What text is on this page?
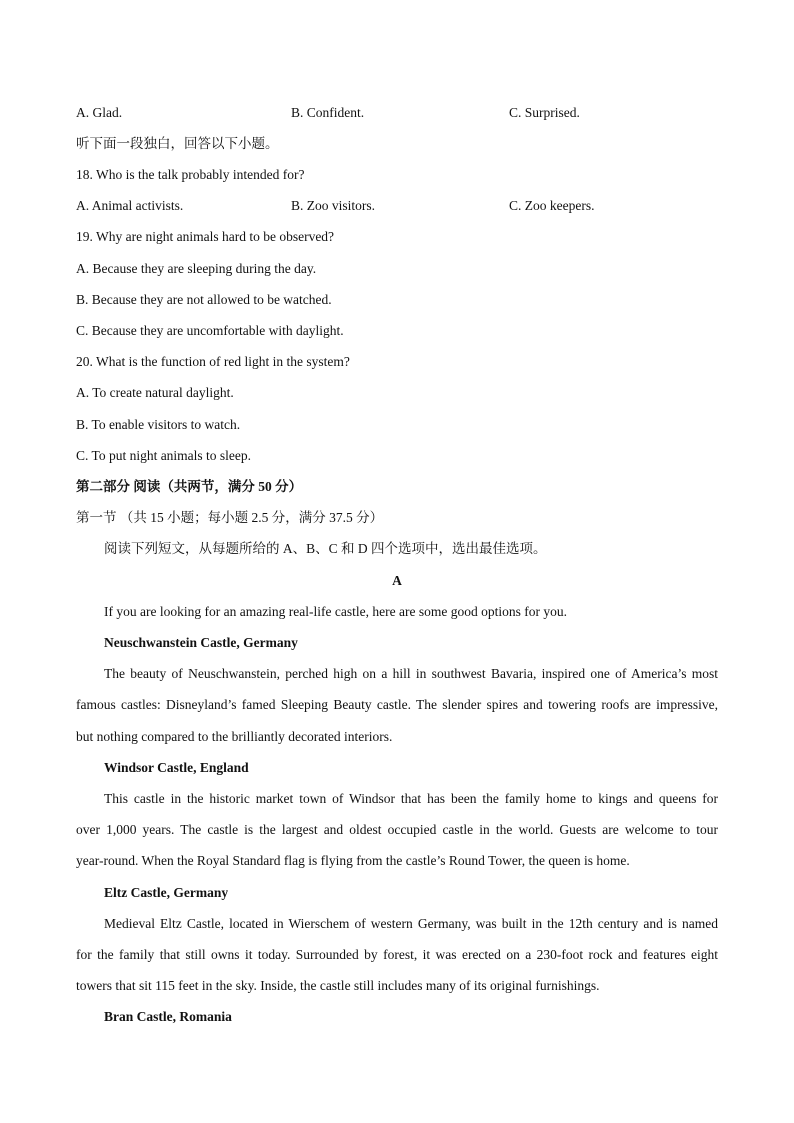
A. Glad.	B. Confident.	C. Surprised.
听下面一段独白，回答以下小题。
18. Who is the talk probably intended for?
A. Animal activists.	B. Zoo visitors.	C. Zoo keepers.
19. Why are night animals hard to be observed?
A. Because they are sleeping during the day.
B. Because they are not allowed to be watched.
C. Because they are uncomfortable with daylight.
20. What is the function of red light in the system?
A. To create natural daylight.
B. To enable visitors to watch.
C. To put night animals to sleep.
第二部分 阅读（共两节，满分 50 分）
第一节 （共 15 小题；每小题 2.5 分，满分 37.5 分）
阅读下列短文，从每题所给的 A、B、C 和 D 四个选项中，选出最佳选项。
A
If you are looking for an amazing real-life castle, here are some good options for you.
Neuschwanstein Castle, Germany
The beauty of Neuschwanstein, perched high on a hill in southwest Bavaria, inspired one of America’s most
famous castles: Disneyland’s famed Sleeping Beauty castle. The slender spires and towering roofs are impressive,
but nothing compared to the brilliantly decorated interiors.
Windsor Castle, England
This castle in the historic market town of Windsor that has been the family home to kings and queens for
over 1,000 years. The castle is the largest and oldest occupied castle in the world. Guests are welcome to tour
year-round. When the Royal Standard flag is flying from the castle’s Round Tower, the queen is home.
Eltz Castle, Germany
Medieval Eltz Castle, located in Wierschem of western Germany, was built in the 12th century and is named
for the family that still owns it today. Surrounded by forest, it was erected on a 230-foot rock and features eight
towers that sit 115 feet in the sky. Inside, the castle still includes many of its original furnishings.
Bran Castle, Romania
